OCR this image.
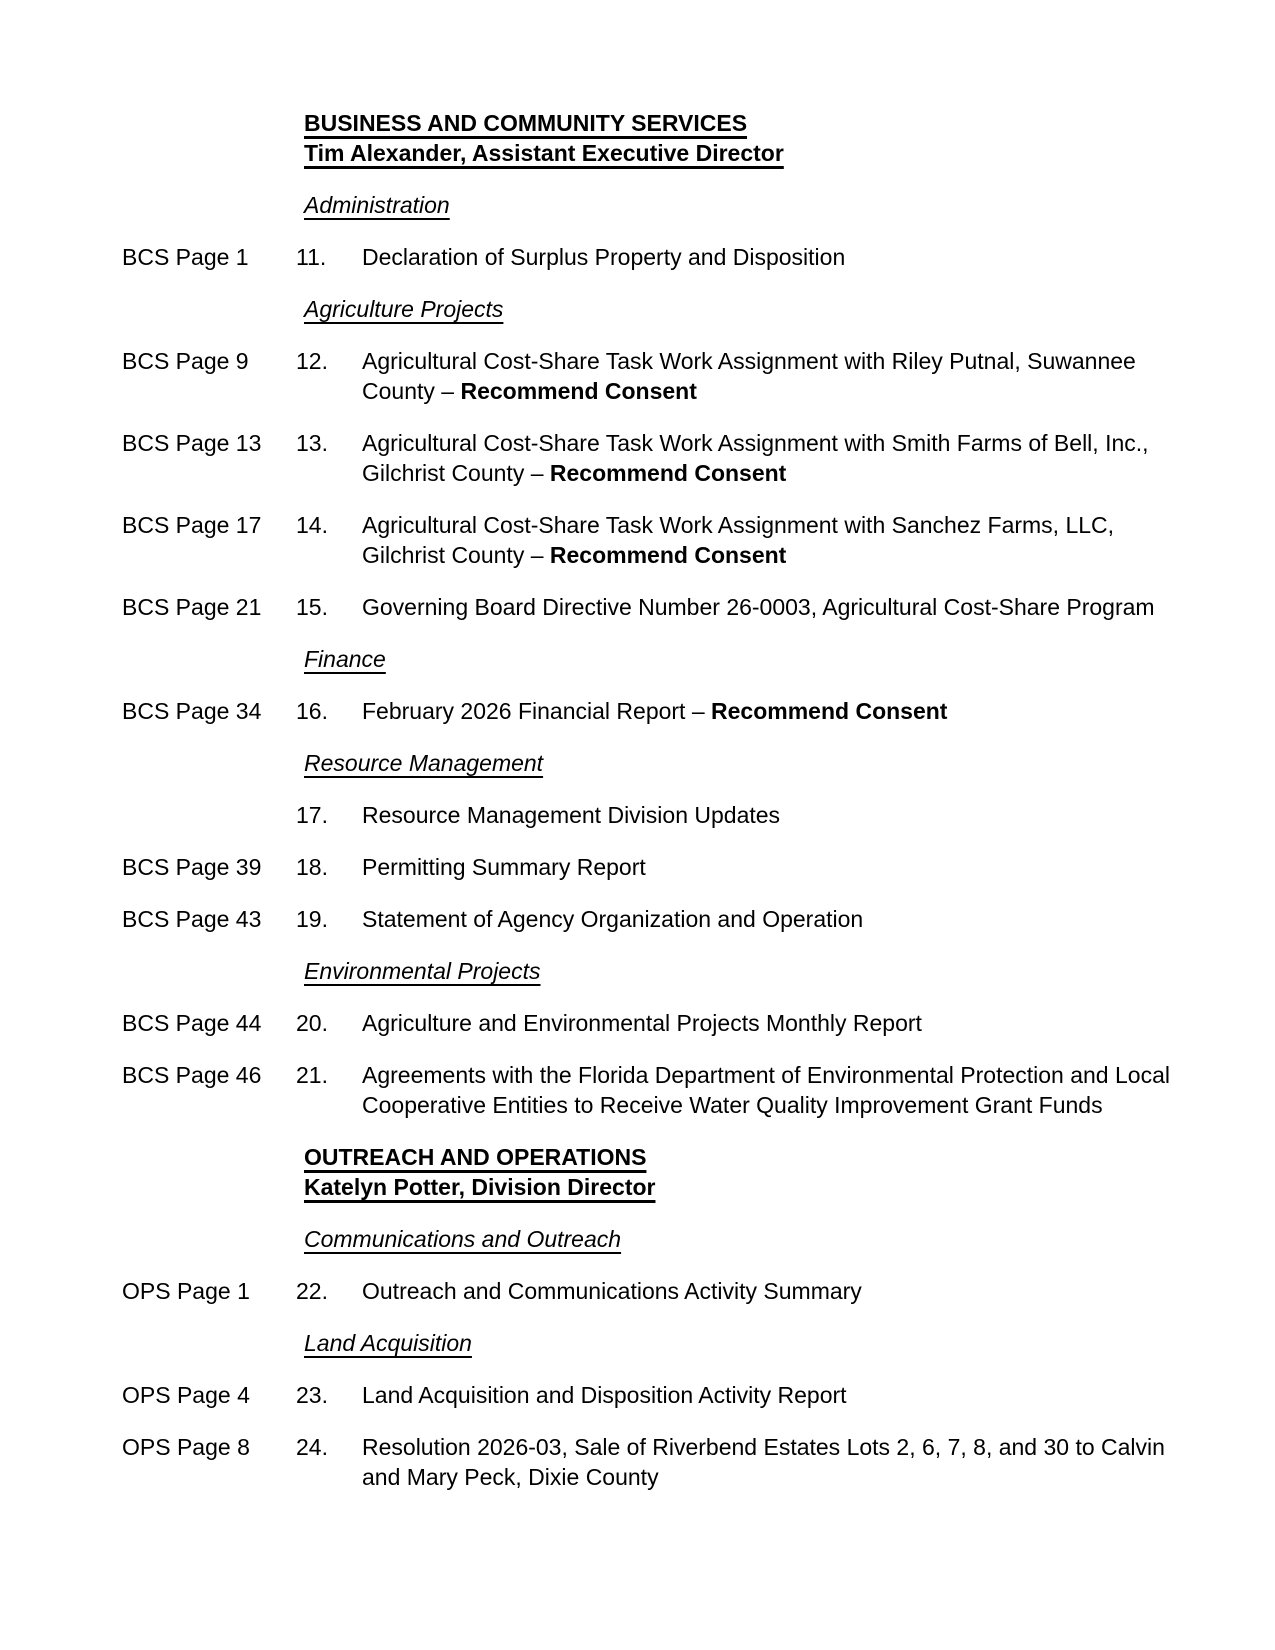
BUSINESS AND COMMUNITY SERVICES
Tim Alexander, Assistant Executive Director
Administration
BCS Page 1	11.	Declaration of Surplus Property and Disposition
Agriculture Projects
BCS Page 9	12.	Agricultural Cost-Share Task Work Assignment with Riley Putnal, Suwannee
County – Recommend Consent
BCS Page 13	13.	Agricultural Cost-Share Task Work Assignment with Smith Farms of Bell, Inc.,
Gilchrist County – Recommend Consent
BCS Page 17	14.	Agricultural Cost-Share Task Work Assignment with Sanchez Farms, LLC,
Gilchrist County – Recommend Consent
BCS Page 21	15.	Governing Board Directive Number 26-0003, Agricultural Cost-Share Program
Finance
BCS Page 34	16.	February 2026 Financial Report – Recommend Consent
Resource Management
17.	Resource Management Division Updates
BCS Page 39	18.	Permitting Summary Report
BCS Page 43	19.	Statement of Agency Organization and Operation
Environmental Projects
BCS Page 44	20.	Agriculture and Environmental Projects Monthly Report
BCS Page 46	21.	Agreements with the Florida Department of Environmental Protection and Local
Cooperative Entities to Receive Water Quality Improvement Grant Funds
OUTREACH AND OPERATIONS
Katelyn Potter, Division Director
Communications and Outreach
OPS Page 1	22.	Outreach and Communications Activity Summary
Land Acquisition
OPS Page 4	23.	Land Acquisition and Disposition Activity Report
OPS Page 8	24.	Resolution 2026-03, Sale of Riverbend Estates Lots 2, 6, 7, 8, and 30 to Calvin
and Mary Peck, Dixie County
